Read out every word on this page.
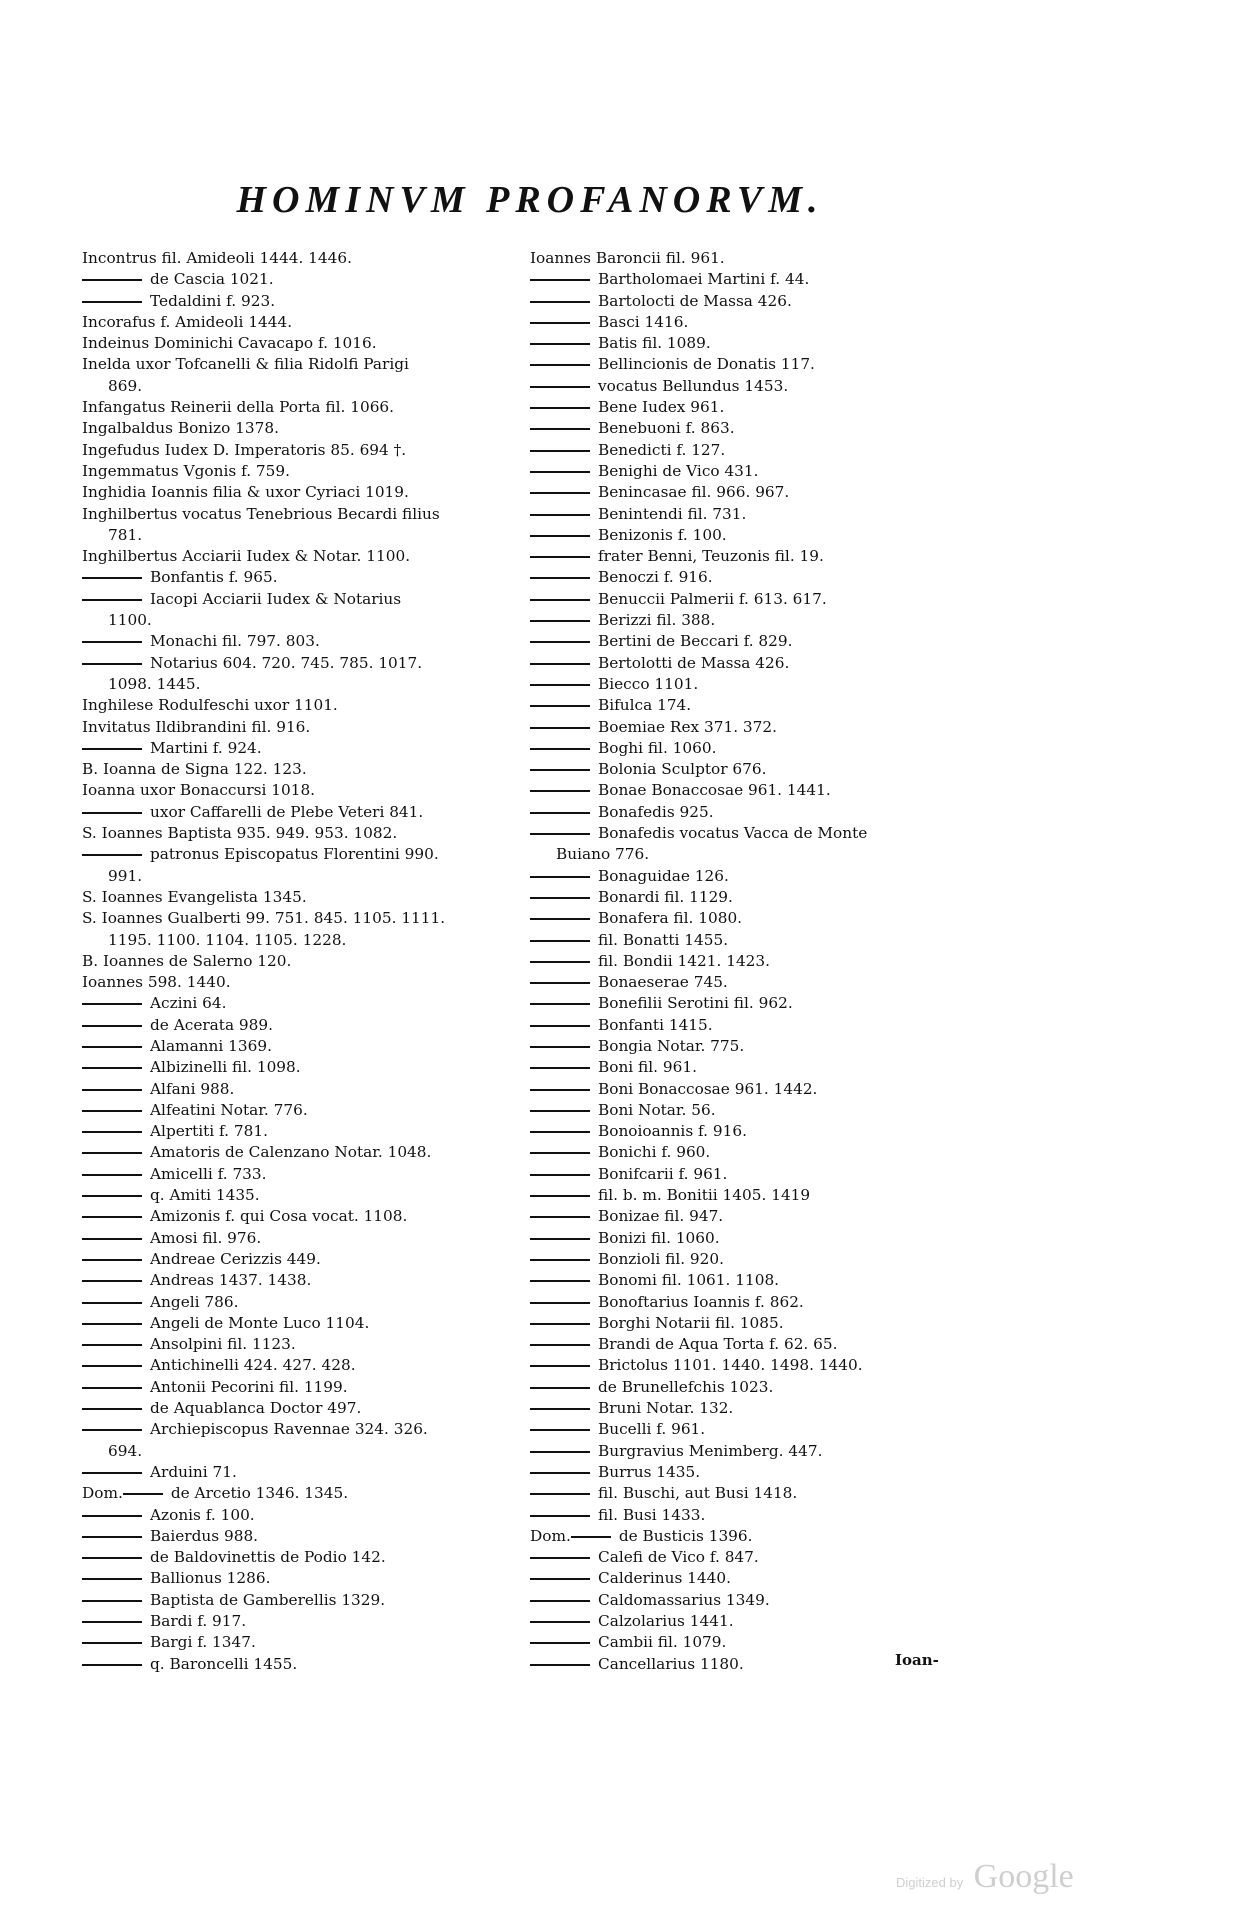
HOMINVM PROFANORVM.
Incontrus fil. Amideoli 1444. 1446.
de Cascia 1021.
Tedaldini f. 923.
Incorafus f. Amideoli 1444.
Indeinus Dominichi Cavacapo f. 1016.
Inelda uxor Tofcanelli & filia Ridolfi Parigi
869.
Infangatus Reinerii della Porta fil. 1066.
Ingalbaldus Bonizo 1378.
Ingefudus Iudex D. Imperatoris 85. 694 †.
Ingemmatus Vgonis f. 759.
Inghidia Ioannis filia & uxor Cyriaci 1019.
Inghilbertus vocatus Tenebrious Becardi filius
781.
Inghilbertus Acciarii Iudex & Notar. 1100.
Bonfantis f. 965.
Iacopi Acciarii Iudex & Notarius
1100.
Monachi fil. 797. 803.
Notarius 604. 720. 745. 785. 1017.
1098. 1445.
Inghilese Rodulfeschi uxor 1101.
Invitatus Ildibrandini fil. 916.
Martini f. 924.
B. Ioanna de Signa 122. 123.
Ioanna uxor Bonaccursi 1018.
uxor Caffarelli de Plebe Veteri 841.
S. Ioannes Baptista 935. 949. 953. 1082.
patronus Episcopatus Florentini 990.
991.
S. Ioannes Evangelista 1345.
S. Ioannes Gualberti 99. 751. 845. 1105. 1111.
1195. 1100. 1104. 1105. 1228.
B. Ioannes de Salerno 120.
Ioannes 598. 1440.
Aczini 64.
de Acerata 989.
Alamanni 1369.
Albizinelli fil. 1098.
Alfani 988.
Alfeatini Notar. 776.
Alpertiti f. 781.
Amatoris de Calenzano Notar. 1048.
Amicelli f. 733.
q. Amiti 1435.
Amizonis f. qui Cosa vocat. 1108.
Amosi fil. 976.
Andreae Cerizzis 449.
Andreas 1437. 1438.
Angeli 786.
Angeli de Monte Luco 1104.
Ansolpini fil. 1123.
Antichinelli 424. 427. 428.
Antonii Pecorini fil. 1199.
de Aquablanca Doctor 497.
Archiepiscopus Ravennae 324. 326.
694.
Arduini 71.
Dom.	de Arcetio 1346. 1345.
Azonis f. 100.
Baierdus 988.
de Baldovinettis de Podio 142.
Ballionus 1286.
Baptista de Gamberellis 1329.
Bardi f. 917.
Bargi f. 1347.
q. Baroncelli 1455.
Ioannes Baroncii fil. 961.
Bartholomaei Martini f. 44.
Bartolocti de Massa 426.
Basci 1416.
Batis fil. 1089.
Bellincionis de Donatis 117.
vocatus Bellundus 1453.
Bene Iudex 961.
Benebuoni f. 863.
Benedicti f. 127.
Benighi de Vico 431.
Benincasae fil. 966. 967.
Benintendi fil. 731.
Benizonis f. 100.
frater Benni, Teuzonis fil. 19.
Benoczi f. 916.
Benuccii Palmerii f. 613. 617.
Berizzi fil. 388.
Bertini de Beccari f. 829.
Bertolotti de Massa 426.
Biecco 1101.
Bifulca 174.
Boemiae Rex 371. 372.
Boghi fil. 1060.
Bolonia Sculptor 676.
Bonae Bonaccosae 961. 1441.
Bonafedis 925.
Bonafedis vocatus Vacca de Monte
Buiano 776.
Bonaguidae 126.
Bonardi fil. 1129.
Bonafera fil. 1080.
fil. Bonatti 1455.
fil. Bondii 1421. 1423.
Bonaeserae 745.
Bonefilii Serotini fil. 962.
Bonfanti 1415.
Bongia Notar. 775.
Boni fil. 961.
Boni Bonaccosae 961. 1442.
Boni Notar. 56.
Bonoioannis f. 916.
Bonichi f. 960.
Bonifcarii f. 961.
fil. b. m. Bonitii 1405. 1419
Bonizae fil. 947.
Bonizi fil. 1060.
Bonzioli fil. 920.
Bonomi fil. 1061. 1108.
Bonoftarius Ioannis f. 862.
Borghi Notarii fil. 1085.
Brandi de Aqua Torta f. 62. 65.
Brictolus 1101. 1440. 1498. 1440.
de Brunellefchis 1023.
Bruni Notar. 132.
Bucelli f. 961.
Burgravius Menimberg. 447.
Burrus 1435.
fil. Buschi, aut Busi 1418.
fil. Busi 1433.
Dom.	de Busticis 1396.
Calefi de Vico f. 847.
Calderinus 1440.
Caldomassarius 1349.
Calzolarius 1441.
Cambii fil. 1079.
Cancellarius 1180.	Ioan-
Digitized by Google
